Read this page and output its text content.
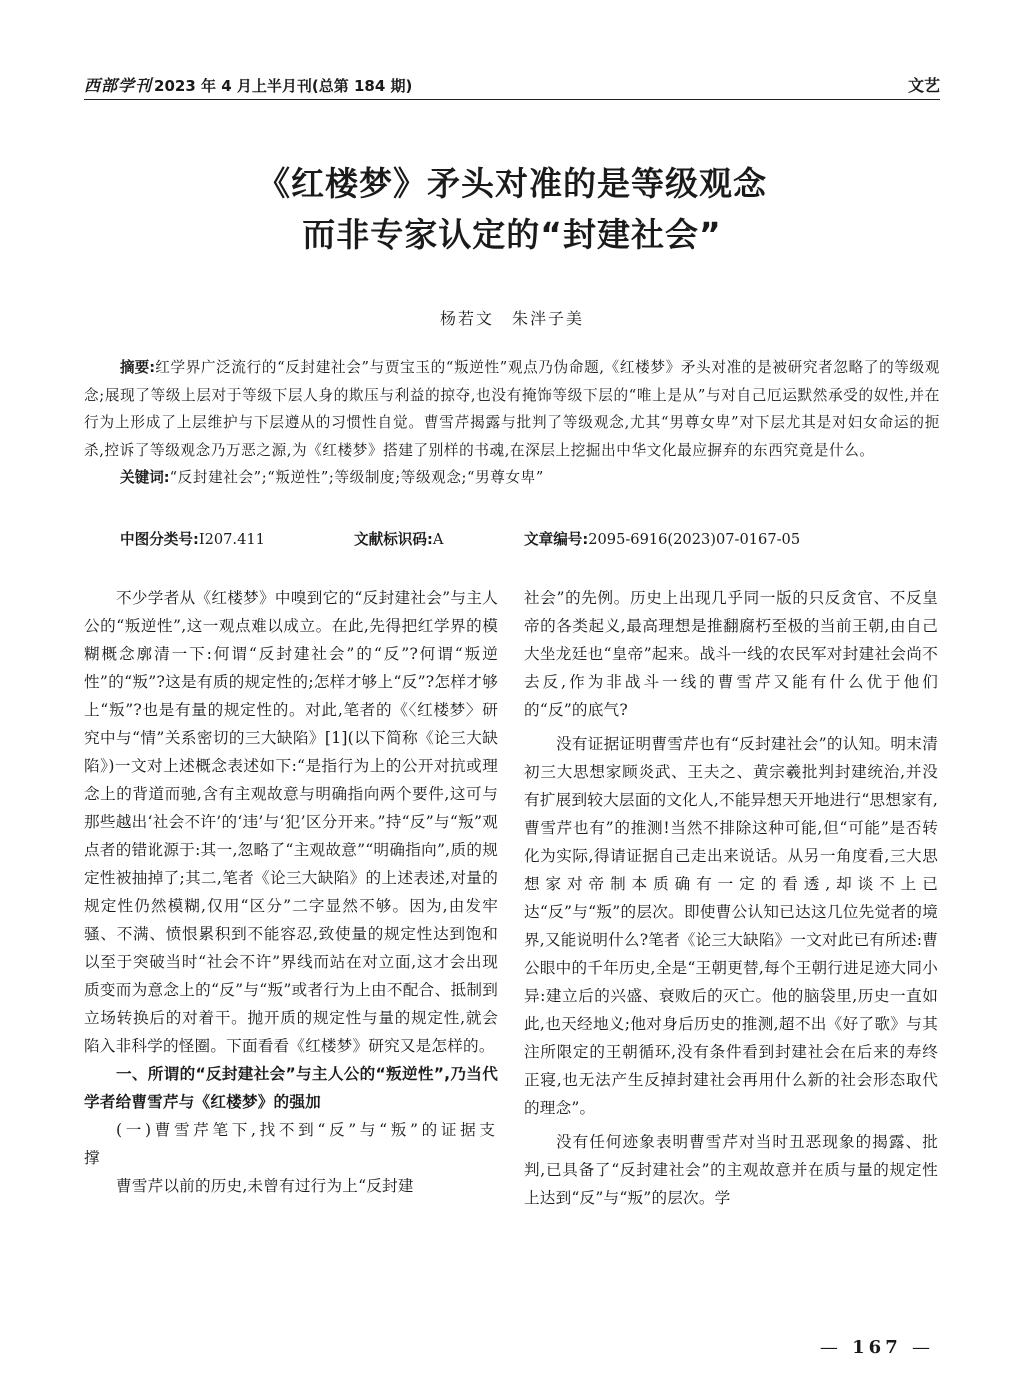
西部学刊 2023 年 4 月上半月刊(总第 184 期)	文艺
《红楼梦》矛头对准的是等级观念
而非专家认定的“封建社会”
杨若文　朱泮子美

摘要:红学界广泛流行的“反封建社会”与贾宝玉的“叛逆性”观点乃伪命题,《红楼梦》矛头对准的是被研究者忽略了的等级观念;展现了等级上层对于等级下层人身的欺压与利益的掠夺,也没有掩饰等级下层的“唯上是从”与对自己厄运默然承受的奴性,并在行为上形成了上层维护与下层遵从的习惯性自觉。曹雪芹揭露与批判了等级观念,尤其“男尊女卑”对下层尤其是对妇女命运的扼杀,控诉了等级观念乃万恶之源,为《红楼梦》搭建了别样的书魂,在深层上挖掘出中华文化最应摒弃的东西究竟是什么。

关键词:“反封建社会”;“叛逆性”;等级制度;等级观念;“男尊女卑”

中图分类号:I207.411	文献标识码:A	文章编号:2095-6916(2023)07-0167-05

不少学者从《红楼梦》中嗅到它的“反封建社会”与主人公的“叛逆性”,这一观点难以成立。在此,先得把红学界的模糊概念廓清一下:何谓“反封建社会”的“反”?何谓“叛逆性”的“叛”?这是有质的规定性的;怎样才够上“反”?怎样才够上“叛”?也是有量的规定性的。对此,笔者的《〈红楼梦〉研究中与“情”关系密切的三大缺陷》[1](以下简称《论三大缺陷》)一文对上述概念表述如下:“是指行为上的公开对抗或理念上的背道而驰,含有主观故意与明确指向两个要件,这可与那些越出‘社会不许’的‘违’与‘犯’区分开来。”持“反”与“叛”观点者的错讹源于:其一,忽略了“主观故意”“明确指向”,质的规定性被抽掉了;其二,笔者《论三大缺陷》的上述表述,对量的规定性仍然模糊,仅用“区分”二字显然不够。因为,由发牢骚、不满、愤恨累积到不能容忍,致使量的规定性达到饱和以至于突破当时“社会不许”界线而站在对立面,这才会出现质变而为意念上的“反”与“叛”或者行为上由不配合、抵制到立场转换后的对着干。抛开质的规定性与量的规定性,就会陷入非科学的怪圈。下面看看《红楼梦》研究又是怎样的。

一、所谓的“反封建社会”与主人公的“叛逆性”,乃当代学者给曹雪芹与《红楼梦》的强加

(一)曹雪芹笔下,找不到“反”与“叛”的证据支撑

曹雪芹以前的历史,未曾有过行为上“反封建

社会”的先例。历史上出现几乎同一版的只反贪官、不反皇帝的各类起义,最高理想是推翻腐朽至极的当前王朝,由自己大坐龙廷也“皇帝”起来。战斗一线的农民军对封建社会尚不去反,作为非战斗一线的曹雪芹又能有什么优于他们的“反”的底气?

没有证据证明曹雪芹也有“反封建社会”的认知。明末清初三大思想家顾炎武、王夫之、黄宗羲批判封建统治,并没有扩展到较大层面的文化人,不能异想天开地进行“思想家有,曹雪芹也有”的推测!当然不排除这种可能,但“可能”是否转化为实际,得请证据自己走出来说话。从另一角度看,三大思想家对帝制本质确有一定的看透,却谈不上已达“反”与“叛”的层次。即使曹公认知已达这几位先觉者的境界,又能说明什么?笔者《论三大缺陷》一文对此已有所述:曹公眼中的千年历史,全是“王朝更替,每个王朝行进足迹大同小异:建立后的兴盛、衰败后的灭亡。他的脑袋里,历史一直如此,也天经地义;他对身后历史的推测,超不出《好了歌》与其注所限定的王朝循环,没有条件看到封建社会在后来的寿终正寝,也无法产生反掉封建社会再用什么新的社会形态取代的理念”。

没有任何迹象表明曹雪芹对当时丑恶现象的揭露、批判,已具备了“反封建社会”的主观故意并在质与量的规定性上达到“反”与“叛”的层次。学

— 167 —
